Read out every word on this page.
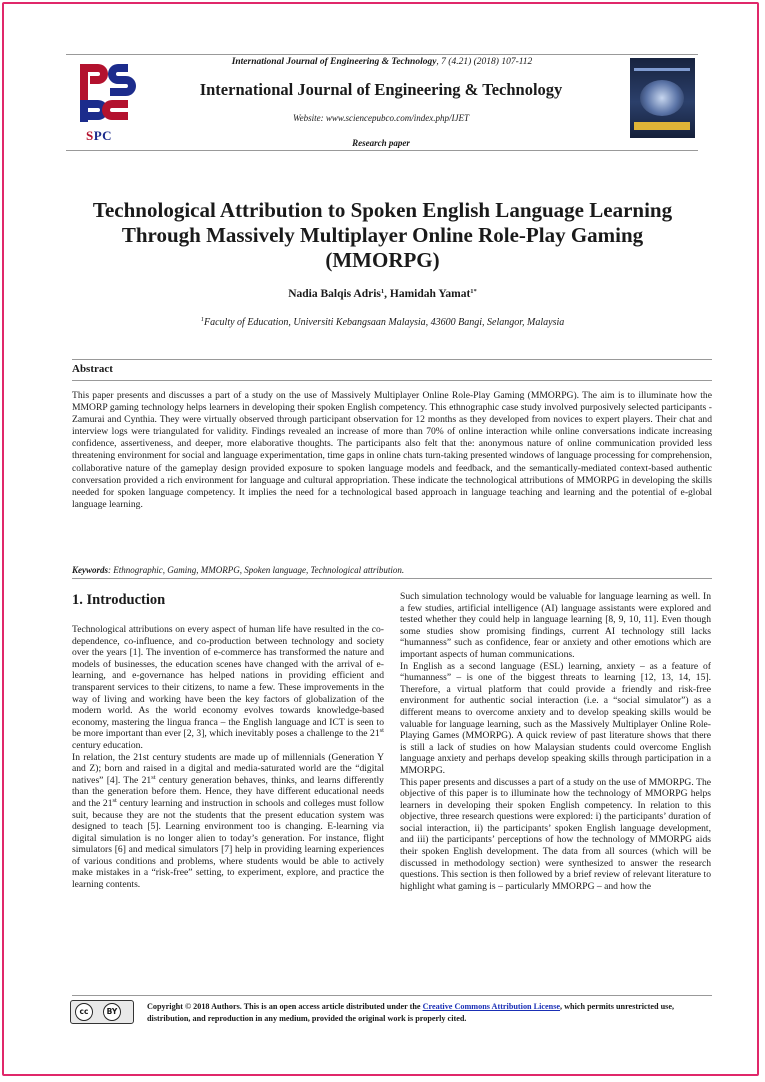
International Journal of Engineering & Technology, 7 (4.21) (2018) 107-112
SPC
International Journal of Engineering & Technology
Website: www.sciencepubco.com/index.php/IJET
Research paper
Technological Attribution to Spoken English Language Learning Through Massively Multiplayer Online Role-Play Gaming (MMORPG)
Nadia Balqis Adris$^1$, Hamidah Yamat$^{1*}$
$^1$Faculty of Education, Universiti Kebangsaan Malaysia, 43600 Bangi, Selangor, Malaysia
Abstract
This paper presents and discusses a part of a study on the use of Massively Multiplayer Online Role-Play Gaming (MMORPG). The aim is to illuminate how the MMORP gaming technology helps learners in developing their spoken English competency. This ethnographic case study involved purposively selected participants - Zamurai and Cynthia. They were virtually observed through participant observation for 12 months as they developed from novices to expert players. Their chat and interview logs were triangulated for validity. Findings revealed an increase of more than 70% of online interaction while online conversations indicate increasing confidence, assertiveness, and deeper, more elaborative thoughts. The participants also felt that the: anonymous nature of online communication provided less threatening environment for social and language experimentation, time gaps in online chats turn-taking presented windows of language processing for comprehension, collaborative nature of the gameplay design provided exposure to spoken language models and feedback, and the semantically-mediated context-based authentic conversation provided a rich environment for language and cultural appropriation. These indicate the technological attributions of MMORPG in developing the skills needed for spoken language competency. It implies the need for a technological based approach in language teaching and learning and the potential of e-global language learning.
Keywords: Ethnographic, Gaming, MMORPG, Spoken language, Technological attribution.
1. Introduction

Technological attributions on every aspect of human life have resulted in the co-dependence, co-influence, and co-production between technology and society over the years [1]. The invention of e-commerce has transformed the nature and models of businesses, the education scenes have changed with the arrival of e-learning, and e-governance has helped nations in providing efficient and transparent services to their citizens, to name a few. These improvements in the way of living and working have been the key factors of globalization of the modern world. As the world economy evolves towards knowledge-based economy, mastering the lingua franca – the English language and ICT is seen to be more important than ever [2, 3], which inevitably poses a challenge to the 21st century education.

In relation, the 21st century students are made up of millennials (Generation Y and Z); born and raised in a digital and media-saturated world are the “digital natives” [4]. The 21st century generation behaves, thinks, and learns differently than the generation before them. Hence, they have different educational needs and the 21st century learning and instruction in schools and colleges must follow suit, because they are not the students that the present education system was designed to teach [5]. Learning environment too is changing. E-learning via digital simulation is no longer alien to today’s generation. For instance, flight simulators [6] and medical simulators [7] help in providing learning experiences of various conditions and problems, where students would be able to actively make mistakes in a “risk-free” setting, to experiment, explore, and practice the learning contents.

Such simulation technology would be valuable for language learning as well. In a few studies, artificial intelligence (AI) language assistants were explored and tested whether they could help in language learning [8, 9, 10, 11]. Even though some studies show promising findings, current AI technology still lacks “humanness” such as confidence, fear or anxiety and other emotions which are important aspects of human communications.

In English as a second language (ESL) learning, anxiety – as a feature of “humanness” – is one of the biggest threats to learning [12, 13, 14, 15]. Therefore, a virtual platform that could provide a friendly and risk-free environment for authentic social interaction (i.e. a “social simulator”) as a different means to overcome anxiety and to develop speaking skills would be valuable for language learning, such as the Massively Multiplayer Online Role-Playing Games (MMORPG). A quick review of past literature shows that there is still a lack of studies on how Malaysian students could overcome English language anxiety and perhaps develop speaking skills through participation in a MMORPG.

This paper presents and discusses a part of a study on the use of MMORPG. The objective of this paper is to illuminate how the technology of MMORPG helps learners in developing their spoken English competency. In relation to this objective, three research questions were explored: i) the participants’ duration of social interaction, ii) the participants’ spoken English language development, and iii) the participants’ perceptions of how the technology of MMORPG aids their spoken English development. The data from all sources (which will be discussed in methodology section) were synthesized to answer the research questions. This section is then followed by a brief review of relevant literature to highlight what gaming is – particularly MMORPG – and how the

cc	BY
Copyright © 2018 Authors. This is an open access article distributed under the Creative Commons Attribution License, which permits unrestricted use, distribution, and reproduction in any medium, provided the original work is properly cited.
